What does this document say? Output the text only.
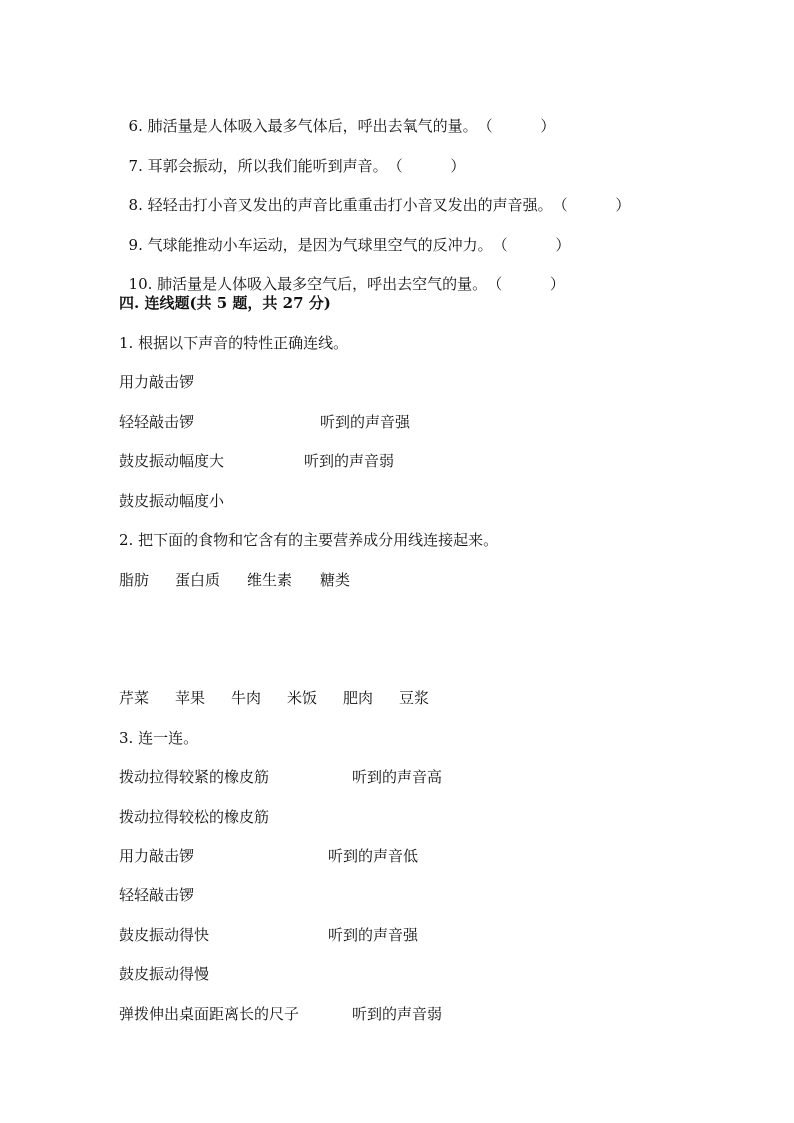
6. 肺活量是人体吸入最多气体后，呼出去氧气的量。（          ）

7. 耳郭会振动，所以我们能听到声音。（          ）

8. 轻轻击打小音叉发出的声音比重重击打小音叉发出的声音强。（          ）

9. 气球能推动小车运动，是因为气球里空气的反冲力。（          ）

10. 肺活量是人体吸入最多空气后，呼出去空气的量。（          ）

四. 连线题(共 5 题，共 27 分)
1. 根据以下声音的特性正确连线。
用力敲击锣
轻轻敲击锣	听到的声音强
鼓皮振动幅度大	听到的声音弱
鼓皮振动幅度小
2. 把下面的食物和它含有的主要营养成分用线连接起来。
脂肪 蛋白质 维生素 糖类
芹菜 苹果 牛肉 米饭 肥肉 豆浆
3. 连一连。
拨动拉得较紧的橡皮筋	听到的声音高
拨动拉得较松的橡皮筋
用力敲击锣	听到的声音低
轻轻敲击锣
鼓皮振动得快	听到的声音强
鼓皮振动得慢
弹拨伸出桌面距离长的尺子	听到的声音弱
